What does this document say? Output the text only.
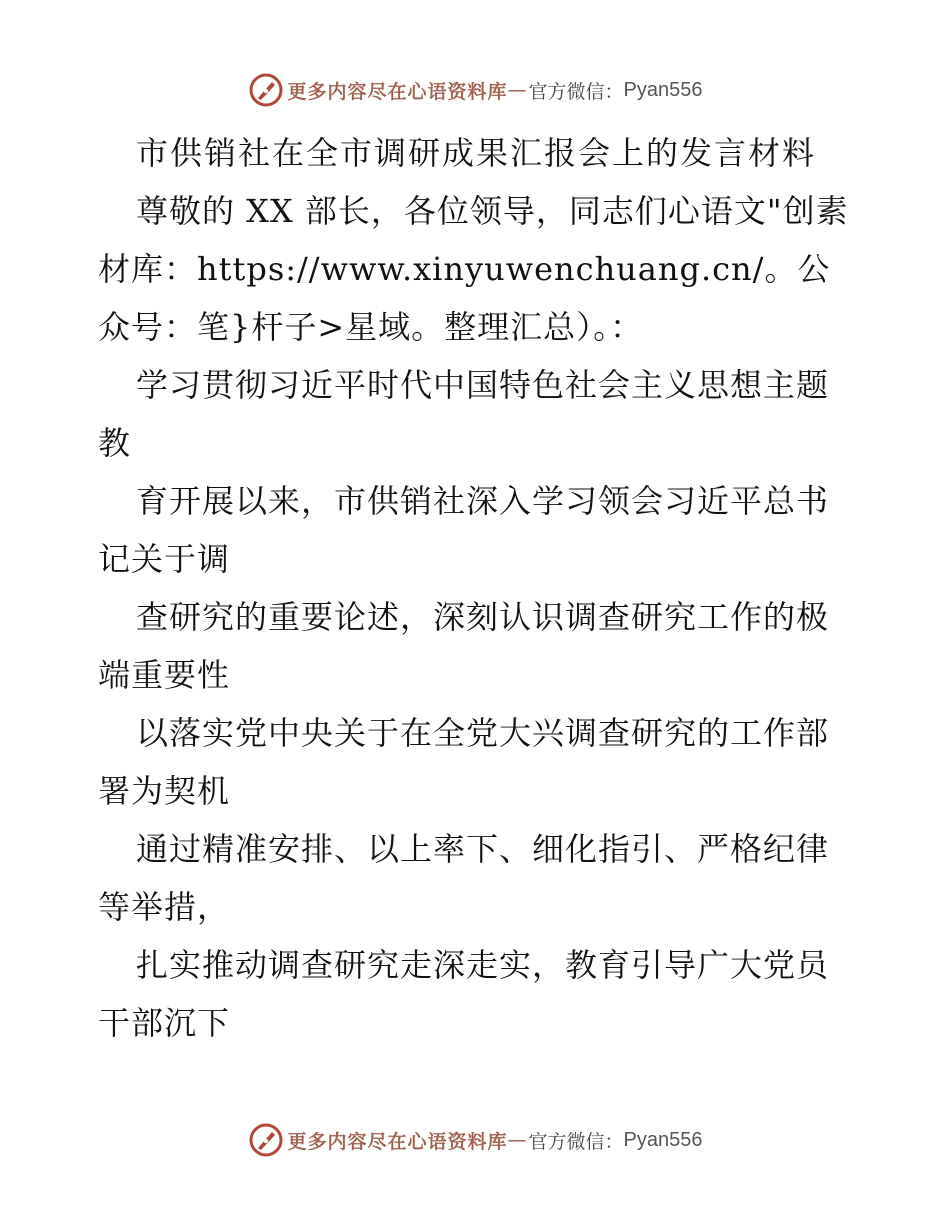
更多内容尽在心语资料库 — 官方微信： Pyan556

市供销社在全市调研成果汇报会上的发言材料

尊敬的 XX 部长，各位领导，同志们心语文"创素材库：https://www.xinyuwenchuang.cn/。公众号：笔}杆子>星域。整理汇总）。：

学习贯彻习近平时代中国特色社会主义思想主题教

育开展以来，市供销社深入学习领会习近平总书记关于调

查研究的重要论述，深刻认识调查研究工作的极端重要性

以落实党中央关于在全党大兴调查研究的工作部署为契机

通过精准安排、以上率下、细化指引、严格纪律等举措，

扎实推动调查研究走深走实，教育引导广大党员干部沉下

更多内容尽在心语资料库 — 官方微信： Pyan556
